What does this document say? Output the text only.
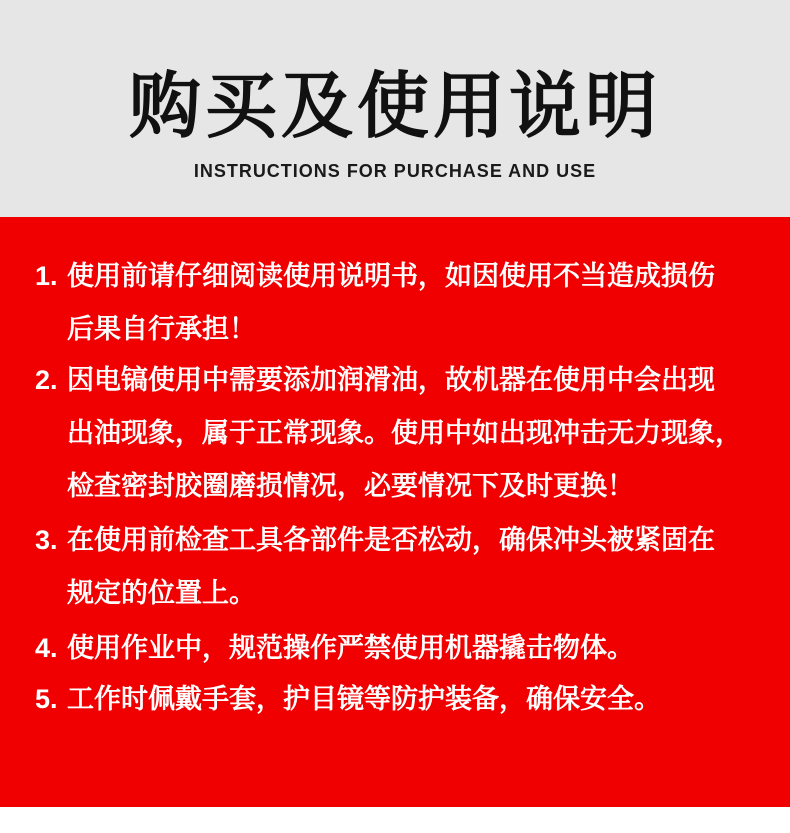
购买及使用说明
INSTRUCTIONS FOR PURCHASE AND USE
1. 使用前请仔细阅读使用说明书，如因使用不当造成损伤
后果自行承担！
2. 因电镐使用中需要添加润滑油，故机器在使用中会出现
出油现象，属于正常现象。使用中如出现冲击无力现象，
检查密封胶圈磨损情况，必要情况下及时更换！
3. 在使用前检查工具各部件是否松动，确保冲头被紧固在
规定的位置上。
4. 使用作业中，规范操作严禁使用机器撬击物体。
5. 工作时佩戴手套，护目镜等防护装备，确保安全。
